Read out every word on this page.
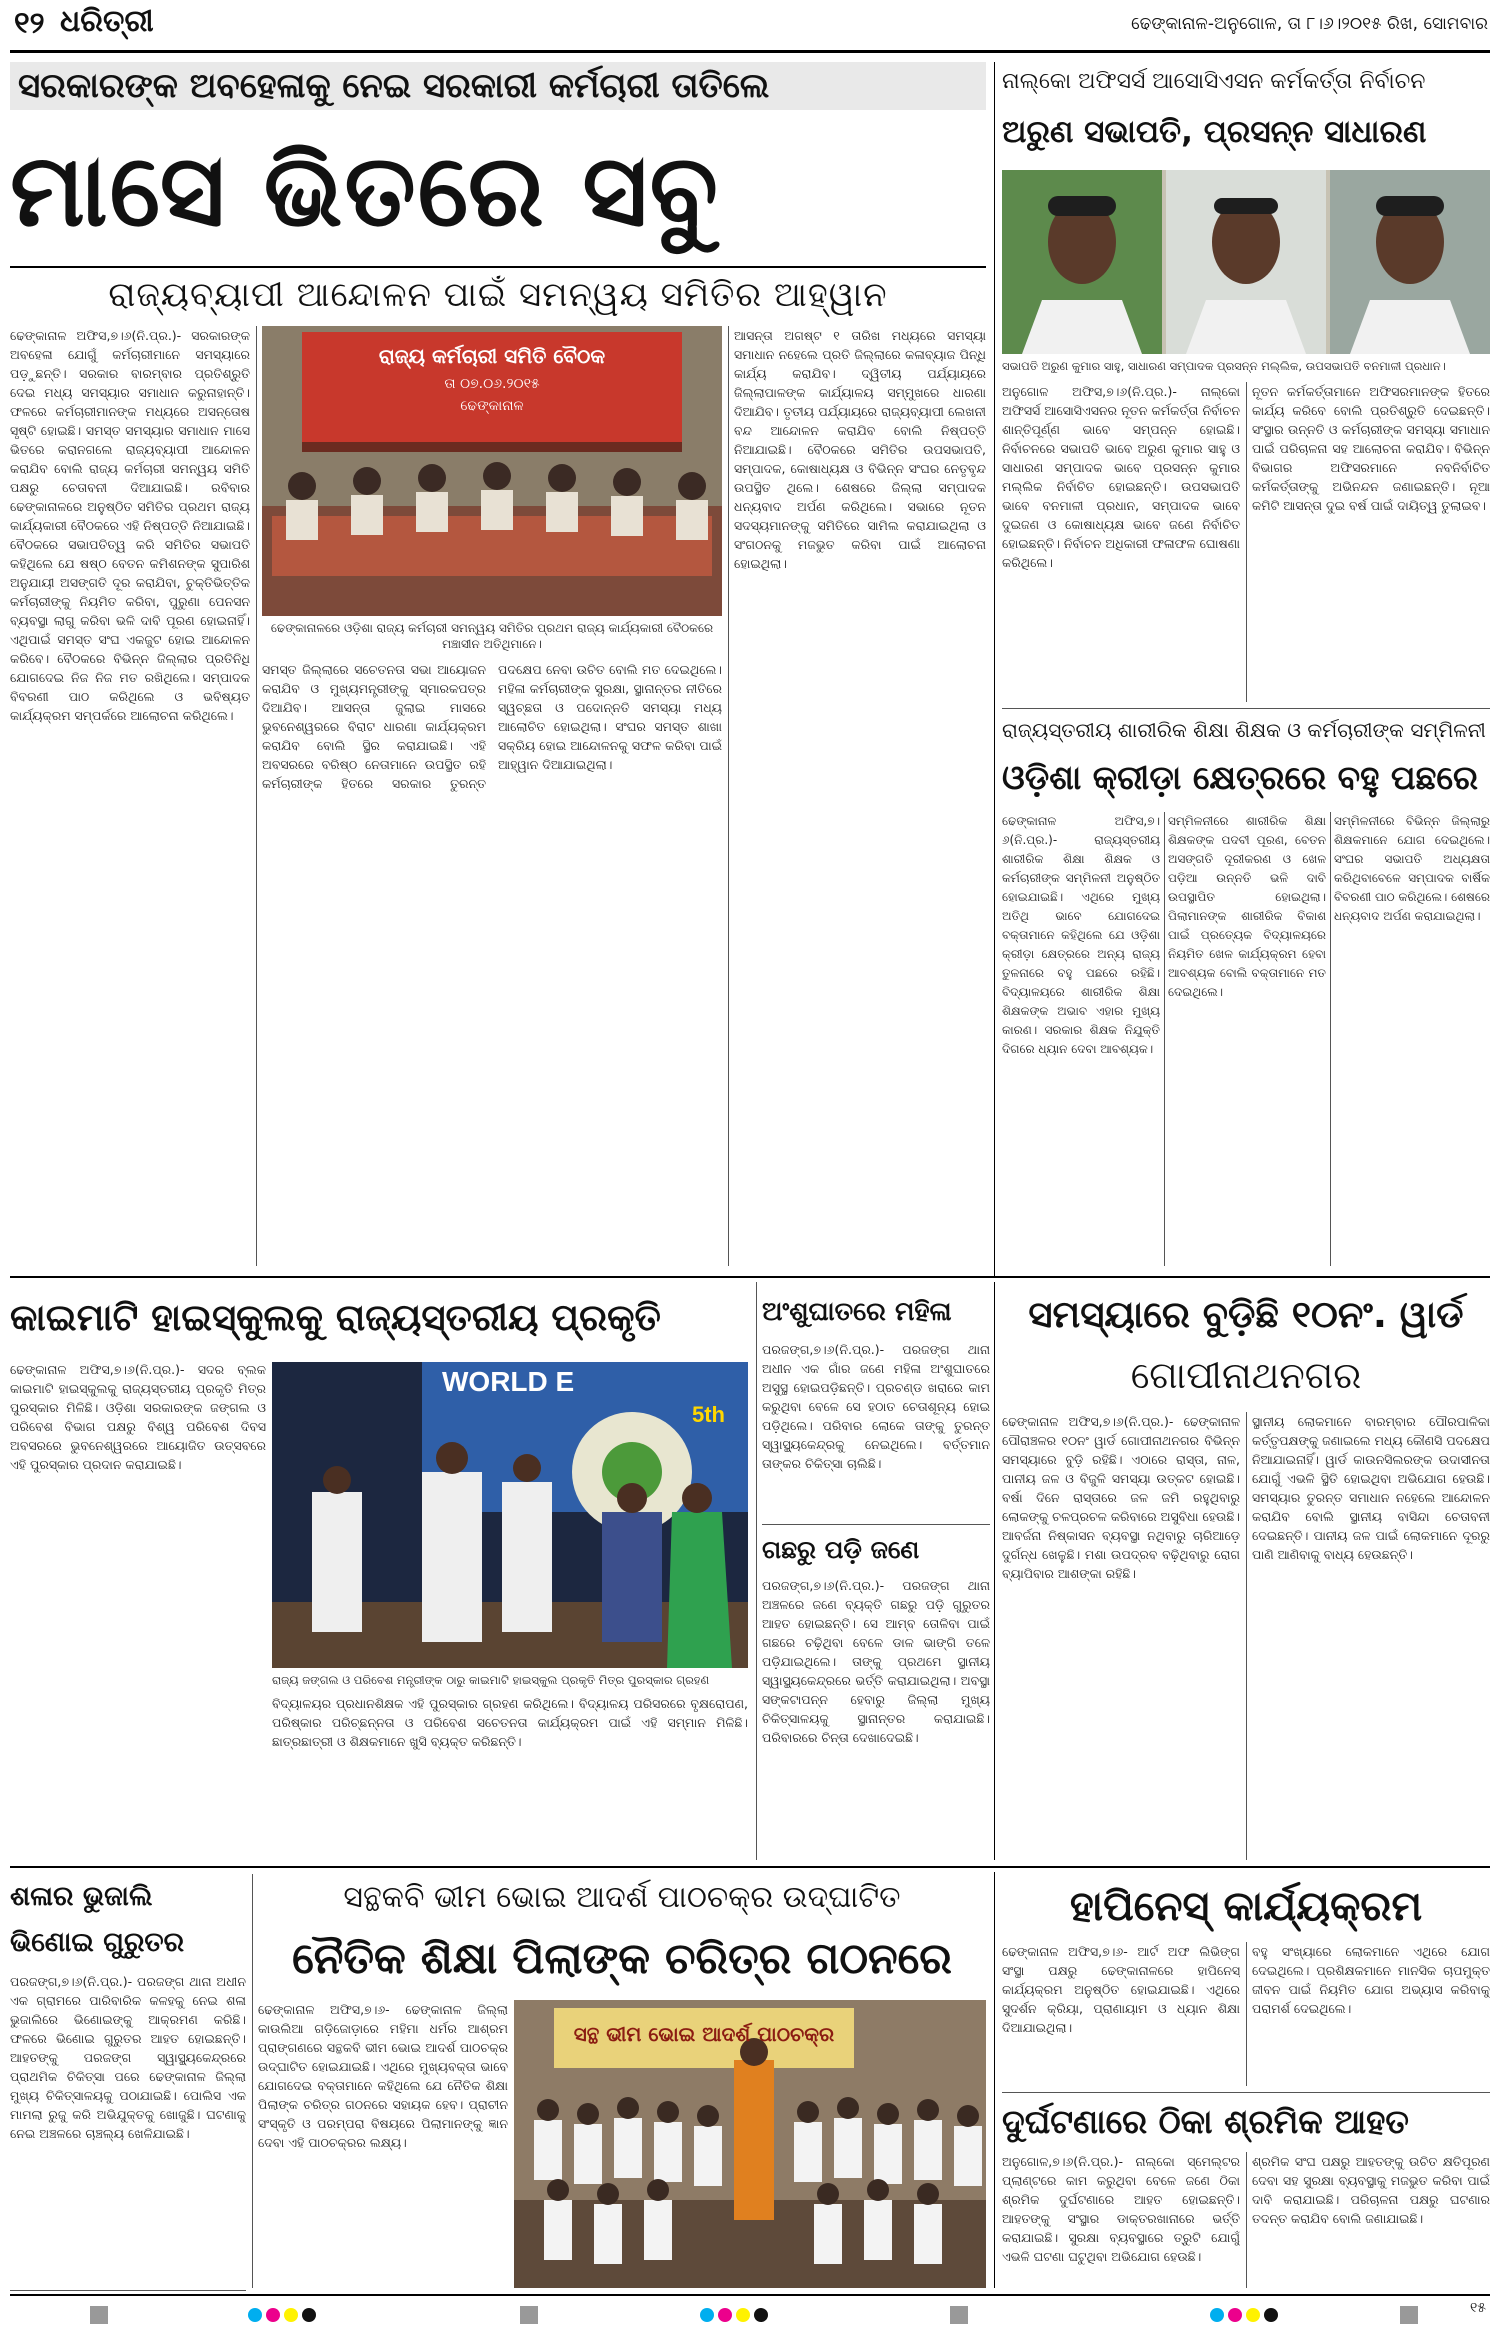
୧୨ ଧରିତ୍ରୀ	ଢେଙ୍କାନାଳ-ଅନୁଗୋଳ, ତା ୮।୬।୨୦୧୫ ରିଖ, ସୋମବାର
ସରକାରଙ୍କ ଅବହେଳାକୁ ନେଇ ସରକାରୀ କର୍ମଚାରୀ ତାତିଲେ
ମାସେ ଭିତରେ ସବୁ
ରାଜ୍ୟବ୍ୟାପୀ ଆନ୍ଦୋଳନ ପାଇଁ ସମନ୍ୱୟ ସମିତିର ଆହ୍ୱାନ
ଢେଙ୍କାନାଳ ଅଫିସ,୭।୬(ନି.ପ୍ର.)- ସରକାରଙ୍କ ଅବହେଳା ଯୋଗୁଁ କର୍ମଚାରୀମାନେ ସମସ୍ୟାରେ ପଡ଼ୁଛନ୍ତି। ସରକାର ବାରମ୍ବାର ପ୍ରତିଶ୍ରୁତି ଦେଇ ମଧ୍ୟ ସମସ୍ୟାର ସମାଧାନ କରୁନାହାନ୍ତି। ଫଳରେ କର୍ମଚାରୀମାନଙ୍କ ମଧ୍ୟରେ ଅସନ୍ତୋଷ ସୃଷ୍ଟି ହୋଇଛି। ସମସ୍ତ ସମସ୍ୟାର ସମାଧାନ ମାସେ ଭିତରେ କରାନଗଲେ ରାଜ୍ୟବ୍ୟାପୀ ଆନ୍ଦୋଳନ କରାଯିବ ବୋଲି ରାଜ୍ୟ କର୍ମଚାରୀ ସମନ୍ୱୟ ସମିତି ପକ୍ଷରୁ ଚେତାବନୀ ଦିଆଯାଇଛି। ରବିବାର ଢେଙ୍କାନାଳରେ ଅନୁଷ୍ଠିତ ସମିତିର ପ୍ରଥମ ରାଜ୍ୟ କାର୍ଯ୍ୟକାରୀ ବୈଠକରେ ଏହି ନିଷ୍ପତ୍ତି ନିଆଯାଇଛି। ବୈଠକରେ ସଭାପତିତ୍ୱ କରି ସମିତିର ସଭାପତି କହିଥିଲେ ଯେ ଷଷ୍ଠ ବେତନ କମିଶନଙ୍କ ସୁପାରିଶ ଅନୁଯାୟୀ ଅସଙ୍ଗତି ଦୂର କରାଯିବା, ଚୁକ୍ତିଭିତ୍ତିକ କର୍ମଚାରୀଙ୍କୁ ନିୟମିତ କରିବା, ପୁରୁଣା ପେନସନ ବ୍ୟବସ୍ଥା ଲାଗୁ କରିବା ଭଳି ଦାବି ପୂରଣ ହୋଇନାହିଁ। ଏଥିପାଇଁ ସମସ୍ତ ସଂଘ ଏକଜୁଟ ହୋଇ ଆନ୍ଦୋଳନ କରିବେ। ବୈଠକରେ ବିଭିନ୍ନ ଜିଲ୍ଲାର ପ୍ରତିନିଧି ଯୋଗଦେଇ ନିଜ ନିଜ ମତ ରଖିଥିଲେ। ସମ୍ପାଦକ ବିବରଣୀ ପାଠ କରିଥିଲେ ଓ ଭବିଷ୍ୟତ କାର୍ଯ୍ୟକ୍ରମ ସମ୍ପର୍କରେ ଆଲୋଚନା କରିଥିଲେ।
ରାଜ୍ୟ କର୍ମଚାରୀ ସମିତି ବୈଠକ
ତା ୦୭.୦୬.୨୦୧୫
ଢେଙ୍କାନାଳ
ଢେଙ୍କାନାଳରେ ଓଡ଼ିଶା ରାଜ୍ୟ କର୍ମଚାରୀ ସମନ୍ୱୟ ସମିତିର ପ୍ରଥମ ରାଜ୍ୟ କାର୍ଯ୍ୟକାରୀ ବୈଠକରେ ମଞ୍ଚାସୀନ ଅତିଥିମାନେ।
ସମସ୍ତ ଜିଲ୍ଲାରେ ସଚେତନତା ସଭା ଆୟୋଜନ କରାଯିବ ଓ ମୁଖ୍ୟମନ୍ତ୍ରୀଙ୍କୁ ସ୍ମାରକପତ୍ର ଦିଆଯିବ। ଆସନ୍ତା ଜୁଲାଇ ମାସରେ ଭୁବନେଶ୍ୱରରେ ବିରାଟ ଧାରଣା କାର୍ଯ୍ୟକ୍ରମ କରାଯିବ ବୋଲି ସ୍ଥିର କରାଯାଇଛି। ଏହି ଅବସରରେ ବରିଷ୍ଠ ନେତାମାନେ ଉପସ୍ଥିତ ରହି କର୍ମଚାରୀଙ୍କ ହିତରେ ସରକାର ତୁରନ୍ତ ପଦକ୍ଷେପ ନେବା ଉଚିତ ବୋଲି ମତ ଦେଇଥିଲେ। ମହିଳା କର୍ମଚାରୀଙ୍କ ସୁରକ୍ଷା, ସ୍ଥାନାନ୍ତର ନୀତିରେ ସ୍ୱଚ୍ଛତା ଓ ପଦୋନ୍ନତି ସମସ୍ୟା ମଧ୍ୟ ଆଲୋଚିତ ହୋଇଥିଲା। ସଂଘର ସମସ୍ତ ଶାଖା ସକ୍ରିୟ ହୋଇ ଆନ୍ଦୋଳନକୁ ସଫଳ କରିବା ପାଇଁ ଆହ୍ୱାନ ଦିଆଯାଇଥିଲା।
ଆସନ୍ତା ଅଗଷ୍ଟ ୧ ତାରିଖ ମଧ୍ୟରେ ସମସ୍ୟା ସମାଧାନ ନହେଲେ ପ୍ରତି ଜିଲ୍ଲାରେ କଳାବ୍ୟାଜ ପିନ୍ଧି କାର୍ଯ୍ୟ କରାଯିବ। ଦ୍ୱିତୀୟ ପର୍ଯ୍ୟାୟରେ ଜିଲ୍ଲାପାଳଙ୍କ କାର୍ଯ୍ୟାଳୟ ସମ୍ମୁଖରେ ଧାରଣା ଦିଆଯିବ। ତୃତୀୟ ପର୍ଯ୍ୟାୟରେ ରାଜ୍ୟବ୍ୟାପୀ ଲେଖନୀ ବନ୍ଦ ଆନ୍ଦୋଳନ କରାଯିବ ବୋଲି ନିଷ୍ପତ୍ତି ନିଆଯାଇଛି। ବୈଠକରେ ସମିତିର ଉପସଭାପତି, ସମ୍ପାଦକ, କୋଷାଧ୍ୟକ୍ଷ ଓ ବିଭିନ୍ନ ସଂଘର ନେତୃବୃନ୍ଦ ଉପସ୍ଥିତ ଥିଲେ। ଶେଷରେ ଜିଲ୍ଲା ସମ୍ପାଦକ ଧନ୍ୟବାଦ ଅର୍ପଣ କରିଥିଲେ। ସଭାରେ ନୂତନ ସଦସ୍ୟମାନଙ୍କୁ ସମିତିରେ ସାମିଲ କରାଯାଇଥିଲା ଓ ସଂଗଠନକୁ ମଜଭୁତ କରିବା ପାଇଁ ଆଲୋଚନା ହୋଇଥିଲା।
ନାଲ୍‌କୋ ଅଫିସର୍ସ ଆସୋସିଏସନ କର୍ମକର୍ତ୍ତା ନିର୍ବାଚନ
ଅରୁଣ ସଭାପତି, ପ୍ରସନ୍ନ ସାଧାରଣ
ସଭାପତି ଅରୁଣ କୁମାର ସାହୁ, ସାଧାରଣ ସମ୍ପାଦକ ପ୍ରସନ୍ନ ମଲ୍ଲିକ, ଉପସଭାପତି ବନମାଳୀ ପ୍ରଧାନ।
ଅନୁଗୋଳ ଅଫିସ,୭।୬(ନି.ପ୍ର.)- ନାଲ୍‌କୋ ଅଫିସର୍ସ ଆସୋସିଏସନର ନୂତନ କର୍ମକର୍ତ୍ତା ନିର୍ବାଚନ ଶାନ୍ତିପୂର୍ଣ୍ଣ ଭାବେ ସମ୍ପନ୍ନ ହୋଇଛି। ନିର୍ବାଚନରେ ସଭାପତି ଭାବେ ଅରୁଣ କୁମାର ସାହୁ ଓ ସାଧାରଣ ସମ୍ପାଦକ ଭାବେ ପ୍ରସନ୍ନ କୁମାର ମଲ୍ଲିକ ନିର୍ବାଚିତ ହୋଇଛନ୍ତି। ଉପସଭାପତି ଭାବେ ବନମାଳୀ ପ୍ରଧାନ, ସମ୍ପାଦକ ଭାବେ ଦୁଇଜଣ ଓ କୋଷାଧ୍ୟକ୍ଷ ଭାବେ ଜଣେ ନିର୍ବାଚିତ ହୋଇଛନ୍ତି। ନିର୍ବାଚନ ଅଧିକାରୀ ଫଳାଫଳ ଘୋଷଣା କରିଥିଲେ।
ନୂତନ କର୍ମକର୍ତ୍ତାମାନେ ଅଫିସରମାନଙ୍କ ହିତରେ କାର୍ଯ୍ୟ କରିବେ ବୋଲି ପ୍ରତିଶ୍ରୁତି ଦେଇଛନ୍ତି। ସଂସ୍ଥାର ଉନ୍ନତି ଓ କର୍ମଚାରୀଙ୍କ ସମସ୍ୟା ସମାଧାନ ପାଇଁ ପରିଚାଳନା ସହ ଆଲୋଚନା କରାଯିବ। ବିଭିନ୍ନ ବିଭାଗର ଅଫିସରମାନେ ନବନିର୍ବାଚିତ କର୍ମକର୍ତ୍ତାଙ୍କୁ ଅଭିନନ୍ଦନ ଜଣାଇଛନ୍ତି। ନୂଆ କମିଟି ଆସନ୍ତା ଦୁଇ ବର୍ଷ ପାଇଁ ଦାୟିତ୍ୱ ତୁଲାଇବ।
ରାଜ୍ୟସ୍ତରୀୟ ଶାରୀରିକ ଶିକ୍ଷା ଶିକ୍ଷକ ଓ କର୍ମଚାରୀଙ୍କ ସମ୍ମିଳନୀ
ଓଡ଼ିଶା କ୍ରୀଡ଼ା କ୍ଷେତ୍ରରେ ବହୁ ପଛରେ
ଢେଙ୍କାନାଳ ଅଫିସ,୭।୬(ନି.ପ୍ର.)- ରାଜ୍ୟସ୍ତରୀୟ ଶାରୀରିକ ଶିକ୍ଷା ଶିକ୍ଷକ ଓ କର୍ମଚାରୀଙ୍କ ସମ୍ମିଳନୀ ଅନୁଷ୍ଠିତ ହୋଇଯାଇଛି। ଏଥିରେ ମୁଖ୍ୟ ଅତିଥି ଭାବେ ଯୋଗଦେଇ ବକ୍ତାମାନେ କହିଥିଲେ ଯେ ଓଡ଼ିଶା କ୍ରୀଡ଼ା କ୍ଷେତ୍ରରେ ଅନ୍ୟ ରାଜ୍ୟ ତୁଳନାରେ ବହୁ ପଛରେ ରହିଛି। ବିଦ୍ୟାଳୟରେ ଶାରୀରିକ ଶିକ୍ଷା ଶିକ୍ଷକଙ୍କ ଅଭାବ ଏହାର ମୁଖ୍ୟ କାରଣ। ସରକାର ଶିକ୍ଷକ ନିଯୁକ୍ତି ଦିଗରେ ଧ୍ୟାନ ଦେବା ଆବଶ୍ୟକ।
ସମ୍ମିଳନୀରେ ଶାରୀରିକ ଶିକ୍ଷା ଶିକ୍ଷକଙ୍କ ପଦବୀ ପୂରଣ, ବେତନ ଅସଙ୍ଗତି ଦୂରୀକରଣ ଓ ଖେଳ ପଡ଼ିଆ ଉନ୍ନତି ଭଳି ଦାବି ଉପସ୍ଥାପିତ ହୋଇଥିଲା। ପିଲାମାନଙ୍କ ଶାରୀରିକ ବିକାଶ ପାଇଁ ପ୍ରତ୍ୟେକ ବିଦ୍ୟାଳୟରେ ନିୟମିତ ଖେଳ କାର୍ଯ୍ୟକ୍ରମ ହେବା ଆବଶ୍ୟକ ବୋଲି ବକ୍ତାମାନେ ମତ ଦେଇଥିଲେ।
ସମ୍ମିଳନୀରେ ବିଭିନ୍ନ ଜିଲ୍ଲାରୁ ଶିକ୍ଷକମାନେ ଯୋଗ ଦେଇଥିଲେ। ସଂଘର ସଭାପତି ଅଧ୍ୟକ୍ଷତା କରିଥିବାବେଳେ ସମ୍ପାଦକ ବାର୍ଷିକ ବିବରଣୀ ପାଠ କରିଥିଲେ। ଶେଷରେ ଧନ୍ୟବାଦ ଅର୍ପଣ କରାଯାଇଥିଲା।
କାଇମାଟି ହାଇସ୍କୁଲକୁ ରାଜ୍ୟସ୍ତରୀୟ ପ୍ରକୃତି
ଢେଙ୍କାନାଳ ଅଫିସ,୭।୬(ନି.ପ୍ର.)- ସଦର ବ୍ଲକ କାଇମାଟି ହାଇସ୍କୁଲକୁ ରାଜ୍ୟସ୍ତରୀୟ ପ୍ରକୃତି ମିତ୍ର ପୁରସ୍କାର ମିଳିଛି। ଓଡ଼ିଶା ସରକାରଙ୍କ ଜଙ୍ଗଲ ଓ ପରିବେଶ ବିଭାଗ ପକ୍ଷରୁ ବିଶ୍ୱ ପରିବେଶ ଦିବସ ଅବସରରେ ଭୁବନେଶ୍ୱରରେ ଆୟୋଜିତ ଉତ୍ସବରେ ଏହି ପୁରସ୍କାର ପ୍ରଦାନ କରାଯାଇଛି।
WORLD E
5th
ରାଜ୍ୟ ଜଙ୍ଗଲ ଓ ପରିବେଶ ମନ୍ତ୍ରୀଙ୍କ ଠାରୁ କାଇମାଟି ହାଇସ୍କୁଲ ପ୍ରକୃତି ମିତ୍ର ପୁରସ୍କାର ଗ୍ରହଣ
ବିଦ୍ୟାଳୟର ପ୍ରଧାନଶିକ୍ଷକ ଏହି ପୁରସ୍କାର ଗ୍ରହଣ କରିଥିଲେ। ବିଦ୍ୟାଳୟ ପରିସରରେ ବୃକ୍ଷରୋପଣ, ପରିଷ୍କାର ପରିଚ୍ଛନ୍ନତା ଓ ପରିବେଶ ସଚେତନତା କାର୍ଯ୍ୟକ୍ରମ ପାଇଁ ଏହି ସମ୍ମାନ ମିଳିଛି। ଛାତ୍ରଛାତ୍ରୀ ଓ ଶିକ୍ଷକମାନେ ଖୁସି ବ୍ୟକ୍ତ କରିଛନ୍ତି।
ଅଂଶୁଘାତରେ ମହିଳା
ପରଜଙ୍ଗ,୭।୬(ନି.ପ୍ର.)- ପରଜଙ୍ଗ ଥାନା ଅଧୀନ ଏକ ଗାଁର ଜଣେ ମହିଳା ଅଂଶୁଘାତରେ ଅସୁସ୍ଥ ହୋଇପଡ଼ିଛନ୍ତି। ପ୍ରଚଣ୍ଡ ଖରାରେ କାମ କରୁଥିବା ବେଳେ ସେ ହଠାତ ଚେତାଶୂନ୍ୟ ହୋଇ ପଡ଼ିଥିଲେ। ପରିବାର ଲୋକେ ତାଙ୍କୁ ତୁରନ୍ତ ସ୍ୱାସ୍ଥ୍ୟକେନ୍ଦ୍ରକୁ ନେଇଥିଲେ। ବର୍ତ୍ତମାନ ତାଙ୍କର ଚିକିତ୍ସା ଚାଲିଛି।
ଗଛରୁ ପଡ଼ି ଜଣେ
ପରଜଙ୍ଗ,୭।୬(ନି.ପ୍ର.)- ପରଜଙ୍ଗ ଥାନା ଅଞ୍ଚଳରେ ଜଣେ ବ୍ୟକ୍ତି ଗଛରୁ ପଡ଼ି ଗୁରୁତର ଆହତ ହୋଇଛନ୍ତି। ସେ ଆମ୍ବ ତୋଳିବା ପାଇଁ ଗଛରେ ଚଢ଼ିଥିବା ବେଳେ ଡାଳ ଭାଙ୍ଗି ତଳେ ପଡ଼ିଯାଇଥିଲେ। ତାଙ୍କୁ ପ୍ରଥମେ ସ୍ଥାନୀୟ ସ୍ୱାସ୍ଥ୍ୟକେନ୍ଦ୍ରରେ ଭର୍ତ୍ତି କରାଯାଇଥିଲା। ଅବସ୍ଥା ସଙ୍କଟାପନ୍ନ ହେବାରୁ ଜିଲ୍ଲା ମୁଖ୍ୟ ଚିକିତ୍ସାଳୟକୁ ସ୍ଥାନାନ୍ତର କରାଯାଇଛି। ପରିବାରରେ ଚିନ୍ତା ଦେଖାଦେଇଛି।
ସମସ୍ୟାରେ ବୁଡ଼ିଛି ୧୦ନଂ. ୱାର୍ଡ
ଗୋପୀନାଥନଗର
ଢେଙ୍କାନାଳ ଅଫିସ,୭।୬(ନି.ପ୍ର.)- ଢେଙ୍କାନାଳ ପୌରାଞ୍ଚଳର ୧୦ନଂ ୱାର୍ଡ ଗୋପୀନାଥନଗର ବିଭିନ୍ନ ସମସ୍ୟାରେ ବୁଡ଼ି ରହିଛି। ଏଠାରେ ରାସ୍ତା, ନାଳ, ପାନୀୟ ଜଳ ଓ ବିଜୁଳି ସମସ୍ୟା ଉତ୍କଟ ହୋଇଛି। ବର୍ଷା ଦିନେ ରାସ୍ତାରେ ଜଳ ଜମି ରହୁଥିବାରୁ ଲୋକଙ୍କୁ ଚଳପ୍ରଚଳ କରିବାରେ ଅସୁବିଧା ହେଉଛି। ଆବର୍ଜନା ନିଷ୍କାସନ ବ୍ୟବସ୍ଥା ନଥିବାରୁ ଚାରିଆଡ଼େ ଦୁର୍ଗନ୍ଧ ଖେଳୁଛି। ମଶା ଉପଦ୍ରବ ବଢ଼ିଥିବାରୁ ରୋଗ ବ୍ୟାପିବାର ଆଶଙ୍କା ରହିଛି।
ସ୍ଥାନୀୟ ଲୋକମାନେ ବାରମ୍ବାର ପୌରପାଳିକା କର୍ତ୍ତୃପକ୍ଷଙ୍କୁ ଜଣାଇଲେ ମଧ୍ୟ କୌଣସି ପଦକ୍ଷେପ ନିଆଯାଇନାହିଁ। ୱାର୍ଡ କାଉନସିଲରଙ୍କ ଉଦାସୀନତା ଯୋଗୁଁ ଏଭଳି ସ୍ଥିତି ହୋଇଥିବା ଅଭିଯୋଗ ହେଉଛି। ସମସ୍ୟାର ତୁରନ୍ତ ସମାଧାନ ନହେଲେ ଆନ୍ଦୋଳନ କରାଯିବ ବୋଲି ସ୍ଥାନୀୟ ବାସିନ୍ଦା ଚେତାବନୀ ଦେଇଛନ୍ତି। ପାନୀୟ ଜଳ ପାଇଁ ଲୋକମାନେ ଦୂରରୁ ପାଣି ଆଣିବାକୁ ବାଧ୍ୟ ହେଉଛନ୍ତି।
ଶଳାର ଭୁଜାଲି
ଭିଣୋଇ ଗୁରୁତର
ପରଜଙ୍ଗ,୭।୬(ନି.ପ୍ର.)- ପରଜଙ୍ଗ ଥାନା ଅଧୀନ ଏକ ଗ୍ରାମରେ ପାରିବାରିକ କଳହକୁ ନେଇ ଶଳା ଭୁଜାଲିରେ ଭିଣୋଇଙ୍କୁ ଆକ୍ରମଣ କରିଛି। ଫଳରେ ଭିଣୋଇ ଗୁରୁତର ଆହତ ହୋଇଛନ୍ତି। ଆହତଙ୍କୁ ପରଜଙ୍ଗ ସ୍ୱାସ୍ଥ୍ୟକେନ୍ଦ୍ରରେ ପ୍ରାଥମିକ ଚିକିତ୍ସା ପରେ ଢେଙ୍କାନାଳ ଜିଲ୍ଲା ମୁଖ୍ୟ ଚିକିତ୍ସାଳୟକୁ ପଠାଯାଇଛି। ପୋଲିସ ଏକ ମାମଲା ରୁଜୁ କରି ଅଭିଯୁକ୍ତକୁ ଖୋଜୁଛି। ଘଟଣାକୁ ନେଇ ଅଞ୍ଚଳରେ ଚାଞ୍ଚଲ୍ୟ ଖେଳିଯାଇଛି।
ସନ୍ଥକବି ଭୀମ ଭୋଇ ଆଦର୍ଶ ପାଠଚକ୍ର ଉଦ୍‌ଘାଟିତ
ନୈତିକ ଶିକ୍ଷା ପିଲାଙ୍କ ଚରିତ୍ର ଗଠନରେ
ଢେଙ୍କାନାଳ ଅଫିସ,୭।୬- ଢେଙ୍କାନାଳ ଜିଲ୍ଲା କାଉଲିଆ ଗଡ଼ିଜୋଡ଼ାରେ ମହିମା ଧର୍ମର ଆଶ୍ରମ ପ୍ରାଙ୍ଗଣରେ ସନ୍ଥକବି ଭୀମ ଭୋଇ ଆଦର୍ଶ ପାଠଚକ୍ର ଉଦ୍‌ଘାଟିତ ହୋଇଯାଇଛି। ଏଥିରେ ମୁଖ୍ୟବକ୍ତା ଭାବେ ଯୋଗଦେଇ ବକ୍ତାମାନେ କହିଥିଲେ ଯେ ନୈତିକ ଶିକ୍ଷା ପିଲାଙ୍କ ଚରିତ୍ର ଗଠନରେ ସହାୟକ ହେବ। ପ୍ରାଚୀନ ସଂସ୍କୃତି ଓ ପରମ୍ପରା ବିଷୟରେ ପିଲାମାନଙ୍କୁ ଜ୍ଞାନ ଦେବା ଏହି ପାଠଚକ୍ରର ଲକ୍ଷ୍ୟ।
ସନ୍ଥ ଭୀମ ଭୋଇ ଆଦର୍ଶ ପାଠଚକ୍ର
ହାପିନେସ୍ କାର୍ଯ୍ୟକ୍ରମ
ଢେଙ୍କାନାଳ ଅଫିସ,୭।୬- ଆର୍ଟ ଅଫ ଲିଭିଙ୍ଗ ସଂସ୍ଥା ପକ୍ଷରୁ ଢେଙ୍କାନାଳରେ ହାପିନେସ୍ କାର୍ଯ୍ୟକ୍ରମ ଅନୁଷ୍ଠିତ ହୋଇଯାଇଛି। ଏଥିରେ ସୁଦର୍ଶନ କ୍ରିୟା, ପ୍ରାଣାୟାମ ଓ ଧ୍ୟାନ ଶିକ୍ଷା ଦିଆଯାଇଥିଲା।
ବହୁ ସଂଖ୍ୟାରେ ଲୋକମାନେ ଏଥିରେ ଯୋଗ ଦେଇଥିଲେ। ପ୍ରଶିକ୍ଷକମାନେ ମାନସିକ ଚାପମୁକ୍ତ ଜୀବନ ପାଇଁ ନିୟମିତ ଯୋଗ ଅଭ୍ୟାସ କରିବାକୁ ପରାମର୍ଶ ଦେଇଥିଲେ।
ଦୁର୍ଘଟଣାରେ ଠିକା ଶ୍ରମିକ ଆହତ
ଅନୁଗୋଳ,୭।୬(ନି.ପ୍ର.)- ନାଲ୍‌କୋ ସ୍ମେଲ୍‌ଟର ପ୍ଲାଣ୍ଟରେ କାମ କରୁଥିବା ବେଳେ ଜଣେ ଠିକା ଶ୍ରମିକ ଦୁର୍ଘଟଣାରେ ଆହତ ହୋଇଛନ୍ତି। ଆହତଙ୍କୁ ସଂସ୍ଥାର ଡାକ୍ତରଖାନାରେ ଭର୍ତ୍ତି କରାଯାଇଛି। ସୁରକ୍ଷା ବ୍ୟବସ୍ଥାରେ ତ୍ରୁଟି ଯୋଗୁଁ ଏଭଳି ଘଟଣା ଘଟୁଥିବା ଅଭିଯୋଗ ହେଉଛି।
ଶ୍ରମିକ ସଂଘ ପକ୍ଷରୁ ଆହତଙ୍କୁ ଉଚିତ କ୍ଷତିପୂରଣ ଦେବା ସହ ସୁରକ୍ଷା ବ୍ୟବସ୍ଥାକୁ ମଜଭୁତ କରିବା ପାଇଁ ଦାବି କରାଯାଇଛି। ପରିଚାଳନା ପକ୍ଷରୁ ଘଟଣାର ତଦନ୍ତ କରାଯିବ ବୋଲି ଜଣାଯାଇଛି।
୧୫
